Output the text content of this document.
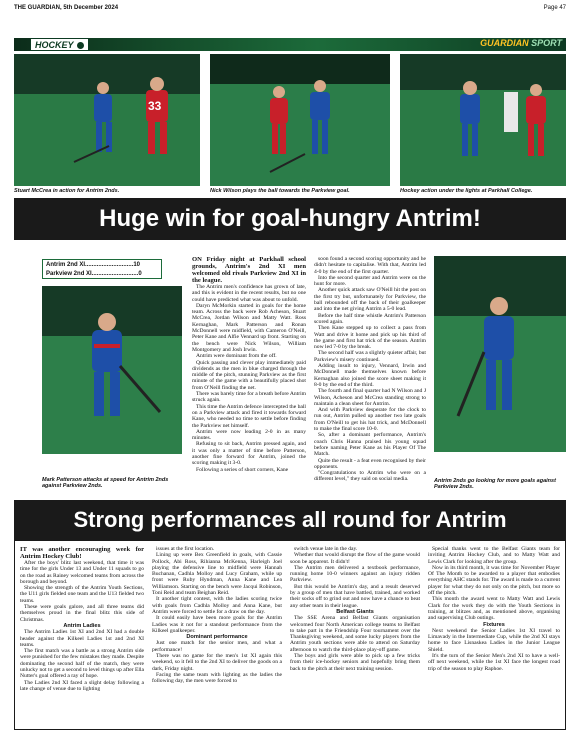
THE GUARDIAN, 5th December 2024	Page 47
HOCKEY	GUARDIAN SPORT
33
Stuart McCrea in action for Antrim 2nds.	Nick Wilson plays the ball towards the Parkview goal.	Hockey action under the lights at Parkhall College.
Huge win for goal-hungry Antrim!
Antrim 2nd XI.............................10
Parkview 2nd XI............................0
Mark Patterson attacks at speed for Antrim 2nds against Parkview 2nds.

ON Friday night at Parkhall school grounds, Antrim's 2nd XI men welcomed old rivals Parkview 2nd XI in the league.

The Antrim men's confidence has grown of late, and this is evident in the recent results, but no one could have predicted what was about to unfold.

Daryn McMorkin started in goals for the home team. Across the back were Rob Acheson, Stuart McCrea, Jordan Wilson and Matty Watt. Ross Kernaghan, Mark Patterson and Ronan McDonnell were midfield, with Cameron O'Neill, Peter Kane and Alfie Vennard up front. Starting on the bench were Nick Wilson, William Montgomery and Josh Irwin.

Antrim were dominant from the off.

Quick passing and clever play immediately paid dividends as the men in blue charged through the middle of the pitch, stunning Parkview as the first minute of the game with a beautifully placed shot from O'Neill finding the net.

There was barely time for a breath before Antrim struck again.

This time the Antrim defence intercepted the ball on a Parkview attack and fired it towards forward Kane, who needed no time to settle before finding the Parkview net himself.

Antrim were now leading 2-0 in as many minutes.

Refusing to sit back, Antrim pressed again, and it was only a matter of time before Patterson, another fine forward for Antrim, joined the scoring making it 3-0.

Following a series of short corners, Kane

soon found a second scoring opportunity and he didn't hesitate to capitalise. With that, Antrim led 4-0 by the end of the first quarter.

Into the second quarter and Antrim were on the hunt for more.

Another quick attack saw O'Neill hit the post on the first try but, unfortunately for Parkview, the ball rebounded off the back of their goalkeeper and into the net giving Antrim a 5-0 lead.

Before the half time whistle Antrim's Patterson scored again.

Then Kane stepped up to collect a pass from Watt and drive it home and pick up his third of the game and first hat trick of the season. Antrim now led 7-0 by the break.

The second half was a slightly quieter affair, but Parkview's misery continued.

Adding insult to injury, Vennard, Irwin and McDonnell made themselves known before Kernaghan also joined the score sheet making it 8-0 by the end of the third.

The fourth and final quarter had N Wilson and J Wilson, Acheson and McCrea standing strong to maintain a clean sheet for Antrim.

And with Parkview desperate for the clock to run out, Antrim pulled up another two late goals from O'Neill to get his hat trick, and McDonnell to make the final score 10-0.

So, after a dominant performance, Antrim's coach Chris Hanna praised his young squad before naming Peter Kane as his Player Of The Match.

Quite the result - a feat even recognised by their opponents.

"Congratulations to Antrim who were on a different level," they said on social media.	Antrim 2nds go looking for more goals against Parkview 2nds.
Strong performances all round for Antrim

IT was another encouraging week for Antrim Hockey Club!

After the boys' blitz last weekend, that time it was time for the girls Under 13 and Under 11 squads to go on the road as Rainey welcomed teams from across the borough and beyond.

Showing the strength of the Antrim Youth Sections, the U11 girls fielded one team and the U13 fielded two teams.

These were goals galore, and all three teams did themselves proud in the final blitz this side of Christmas.

Antrim Ladies

The Antrim Ladies 1st XI and 2nd XI had a double header against the Kilkeel Ladies 1st and 2nd XI teams.

The first match was a battle as a strong Antrim side were punished for the few mistakes they made. Despite dominating the second half of the match, they were unlucky not to get a second to level things up after Ella Nutter's goal offered a ray of hope.

The Ladies 2nd XI faced a slight delay following a late change of venue due to lighting

issues at the first location.

Lining up were Bex Greenfield in goals, with Cassie Pollock, Abi Ross, Rihianna McKenna, Harleigh Joel playing the defensive line to midfield were Hannah Buchanan, Cadhla Molloy and Lucy Graham, while up front were Ruby Hyndman, Anna Kane and Lea Williamson. Starting on the bench were Jacqui Robinson, Toni Reid and team Beighan Reid.

It another tight contest, with the ladies scoring twice with goals from Cadhla Molloy and Anna Kane, but Antrim were forced to settle for a draw on the day.

It could easily have been more goals for the Antrim Ladies was it not for a standout performance from the Kilkeel goalkeeper.

Dominant performance

Just one match for the senior men, and what a performance!

There was no game for the men's 1st XI again this weekend, so it fell to the 2nd XI to deliver the goods on a dark, Friday night.

Facing the same team with lighting as the ladies the following day, the men were forced to

switch venue late in the day.

Whether that would disrupt the flow of the game would soon be apparent. It didn't!

The Antrim men delivered a textbook performance, running home 10-0 winners against an injury ridden Parkview.

But this would be Antrim's day, and a result deserved by a group of men that have battled, trained, and worked their socks off to grind out and now have a chance to beat any other team in their league.

Belfast Giants

The SSE Arena and Belfast Giants organisation welcomed four North American college teams to Belfast to take part in the Friendship Four tournament over the Thanksgiving weekend, and some lucky players from the Antrim youth sections were able to attend on Saturday afternoon to watch the third-place play-off game.

The boys and girls were able to pick up a few tricks from their ice-hockey seniors and hopefully bring them back to the pitch at their next training session.

Special thanks went to the Belfast Giants team for inviting Antrim Hockey Club, and to Matty Watt and Lewis Clark for looking after the group.

Now in its third month, it was time for November Player Of The Month to be awarded to a player that embodies everything AHC stands for. The award is made to a current player for what they do not only on the pitch, but more so off the pitch.

This month the award went to Matty Watt and Lewis Clark for the work they do with the Youth Sections in training, at blitzes and, as mentioned above, organising and supervising Club outings.

Fixtures

Next weekend the Senior Ladies 1st XI travel to Limavady in the Intermediate Cup, while the 2nd XI stays home to face Lisnaskea Ladies in the Junior League Shield.

It's the turn of the Senior Men's 2nd XI to have a well-off next weekend, while the 1st XI face the longest road trip of the season to play Raphoe.
